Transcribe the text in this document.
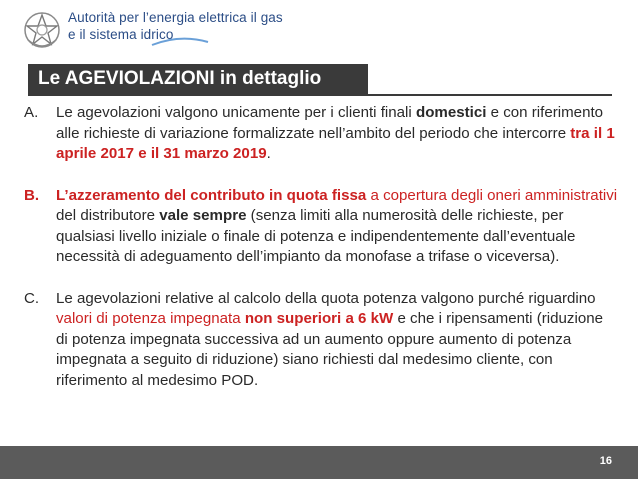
Autorità per l’energia elettrica il gas
e il sistema idrico
Le AGEVIOLAZIONI in dettaglio
A. Le agevolazioni valgono unicamente per i clienti finali domestici e con riferimento alle richieste di variazione formalizzate nell’ambito del periodo che intercorre tra il 1 aprile 2017 e il 31 marzo 2019.
B. L’azzeramento del contributo in quota fissa a copertura degli oneri amministrativi del distributore vale sempre (senza limiti alla numerosità delle richieste, per qualsiasi livello iniziale o finale di potenza e indipendentemente dall’eventuale necessità di adeguamento dell’impianto da monofase a trifase o viceversa).
C. Le agevolazioni relative al calcolo della quota potenza valgono purché riguardino valori di potenza impegnata non superiori a 6 kW e che i ripensamenti (riduzione di potenza impegnata successiva ad un aumento oppure aumento di potenza impegnata a seguito di riduzione) siano richiesti dal medesimo cliente, con riferimento al medesimo POD.
16
